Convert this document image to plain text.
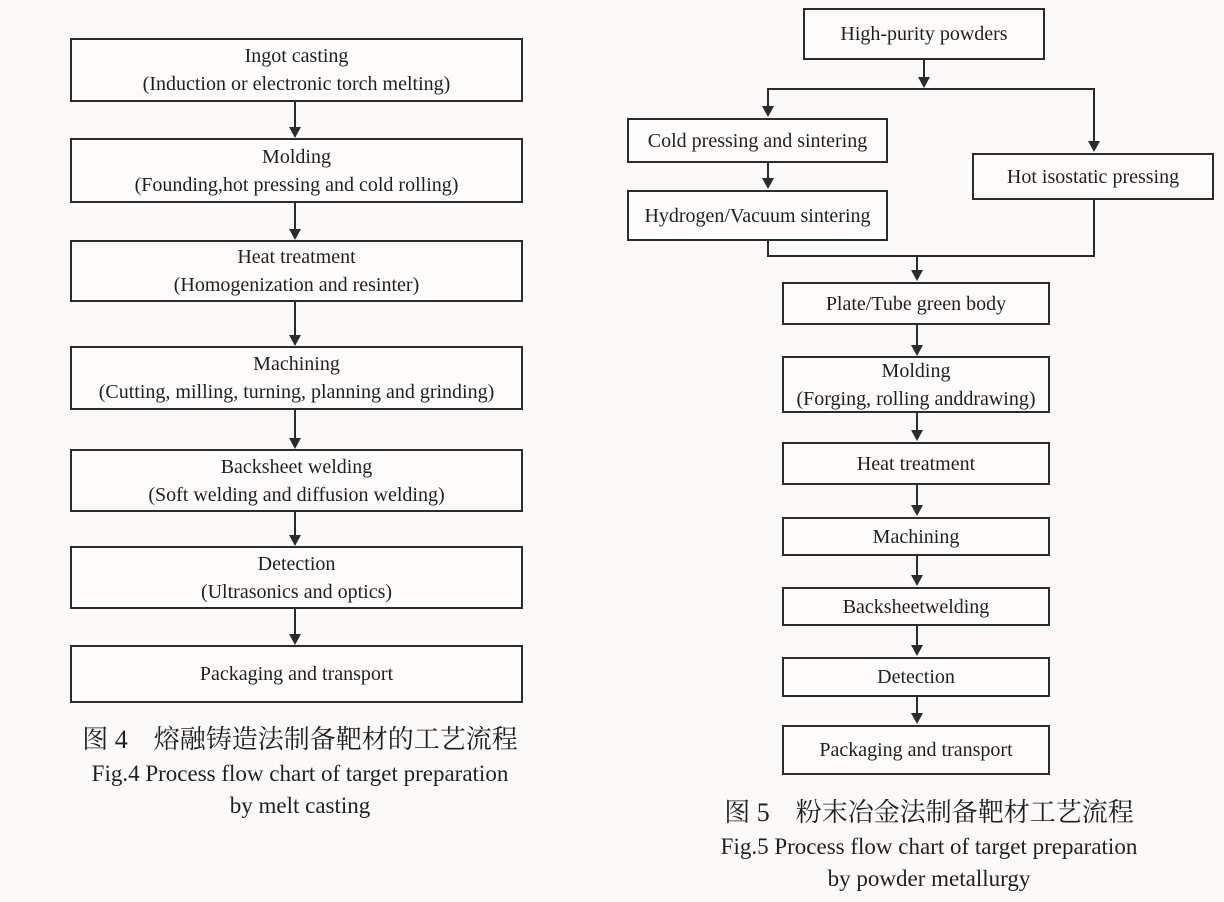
Ingot casting
(Induction or electronic torch melting)
Molding
(Founding,hot pressing and cold rolling)
Heat treatment
(Homogenization and resinter)
Machining
(Cutting, milling, turning, planning and grinding)
Backsheet welding
(Soft welding and diffusion welding)
Detection
(Ultrasonics and optics)
Packaging and transport
图 4　熔融铸造法制备靶材的工艺流程
Fig.4 Process flow chart of target preparation
by melt casting
High-purity powders
Cold pressing and sintering
Hot isostatic pressing
Hydrogen/Vacuum sintering
Plate/Tube green body
Molding
(Forging, rolling anddrawing)
Heat treatment
Machining
Backsheetwelding
Detection
Packaging and transport
图 5　粉末冶金法制备靶材工艺流程
Fig.5 Process flow chart of target preparation
by powder metallurgy
